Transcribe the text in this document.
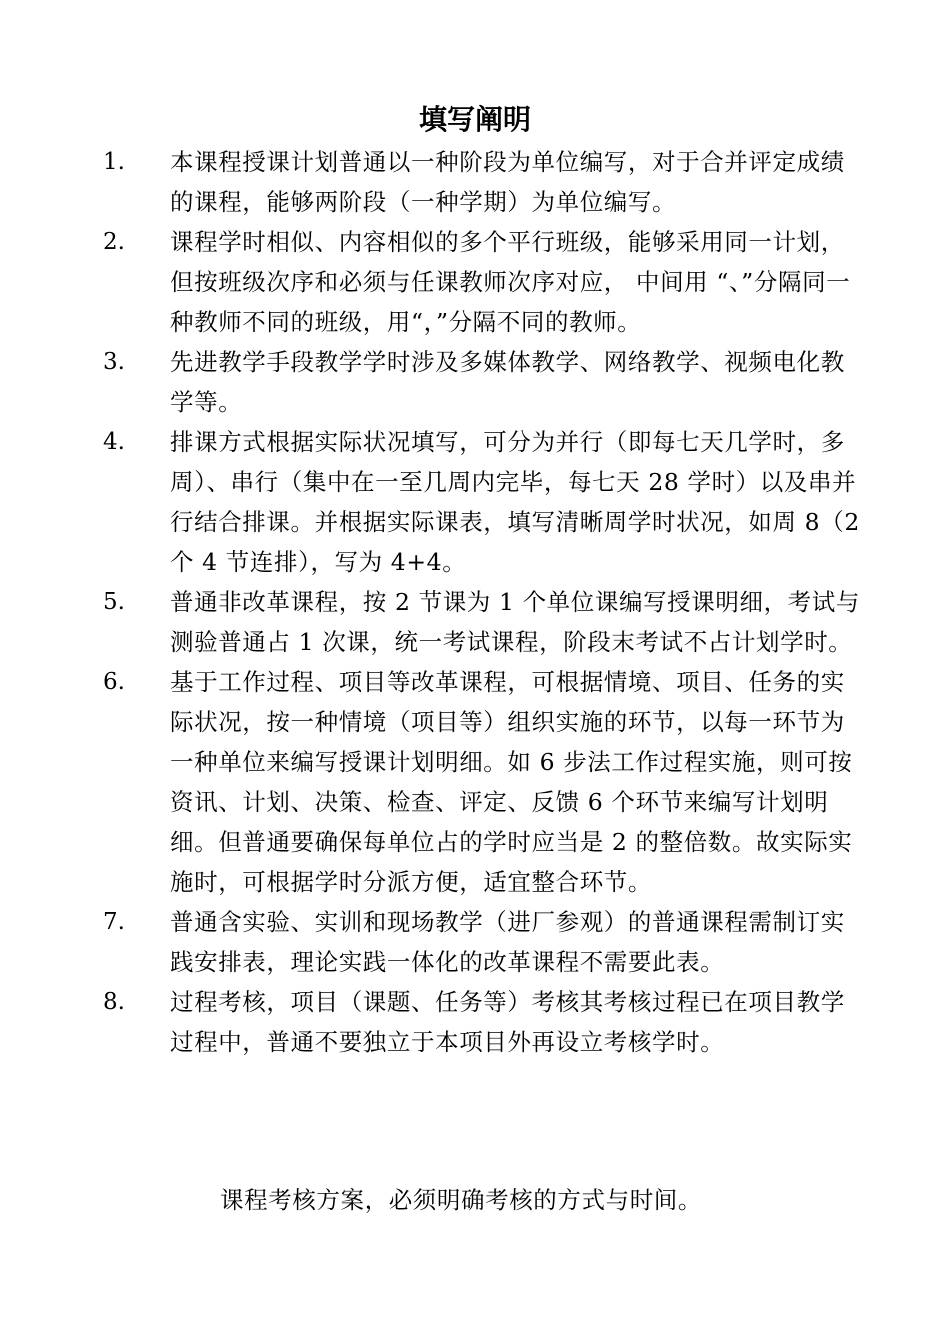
填写阐明
1.	本课程授课计划普通以一种阶段为单位编写，对于合并评定成绩的课程，能够两阶段（一种学期）为单位编写。
2.	课程学时相似、内容相似的多个平行班级，能够采用同一计划，但按班级次序和必须与任课教师次序对应， 中间用 “、”分隔同一种教师不同的班级，用“，”分隔不同的教师。
3.	先进教学手段教学学时涉及多媒体教学、网络教学、视频电化教学等。
4.	排课方式根据实际状况填写，可分为并行（即每七天几学时，多周）、串行（集中在一至几周内完毕，每七天 28 学时）以及串并行结合排课。并根据实际课表，填写清晰周学时状况，如周 8（2 个 4 节连排），写为 4+4。
5.	普通非改革课程，按 2 节课为 1 个单位课编写授课明细，考试与测验普通占 1 次课，统一考试课程，阶段末考试不占计划学时。
6.	基于工作过程、项目等改革课程，可根据情境、项目、任务的实际状况，按一种情境（项目等）组织实施的环节，以每一环节为一种单位来编写授课计划明细。如 6 步法工作过程实施，则可按资讯、计划、决策、检查、评定、反馈 6 个环节来编写计划明细。但普通要确保每单位占的学时应当是 2 的整倍数。故实际实施时，可根据学时分派方便，适宜整合环节。
7.	普通含实验、实训和现场教学（进厂参观）的普通课程需制订实践安排表，理论实践一体化的改革课程不需要此表。
8.	过程考核，项目（课题、任务等）考核其考核过程已在项目教学过程中，普通不要独立于本项目外再设立考核学时。
课程考核方案，必须明确考核的方式与时间。
